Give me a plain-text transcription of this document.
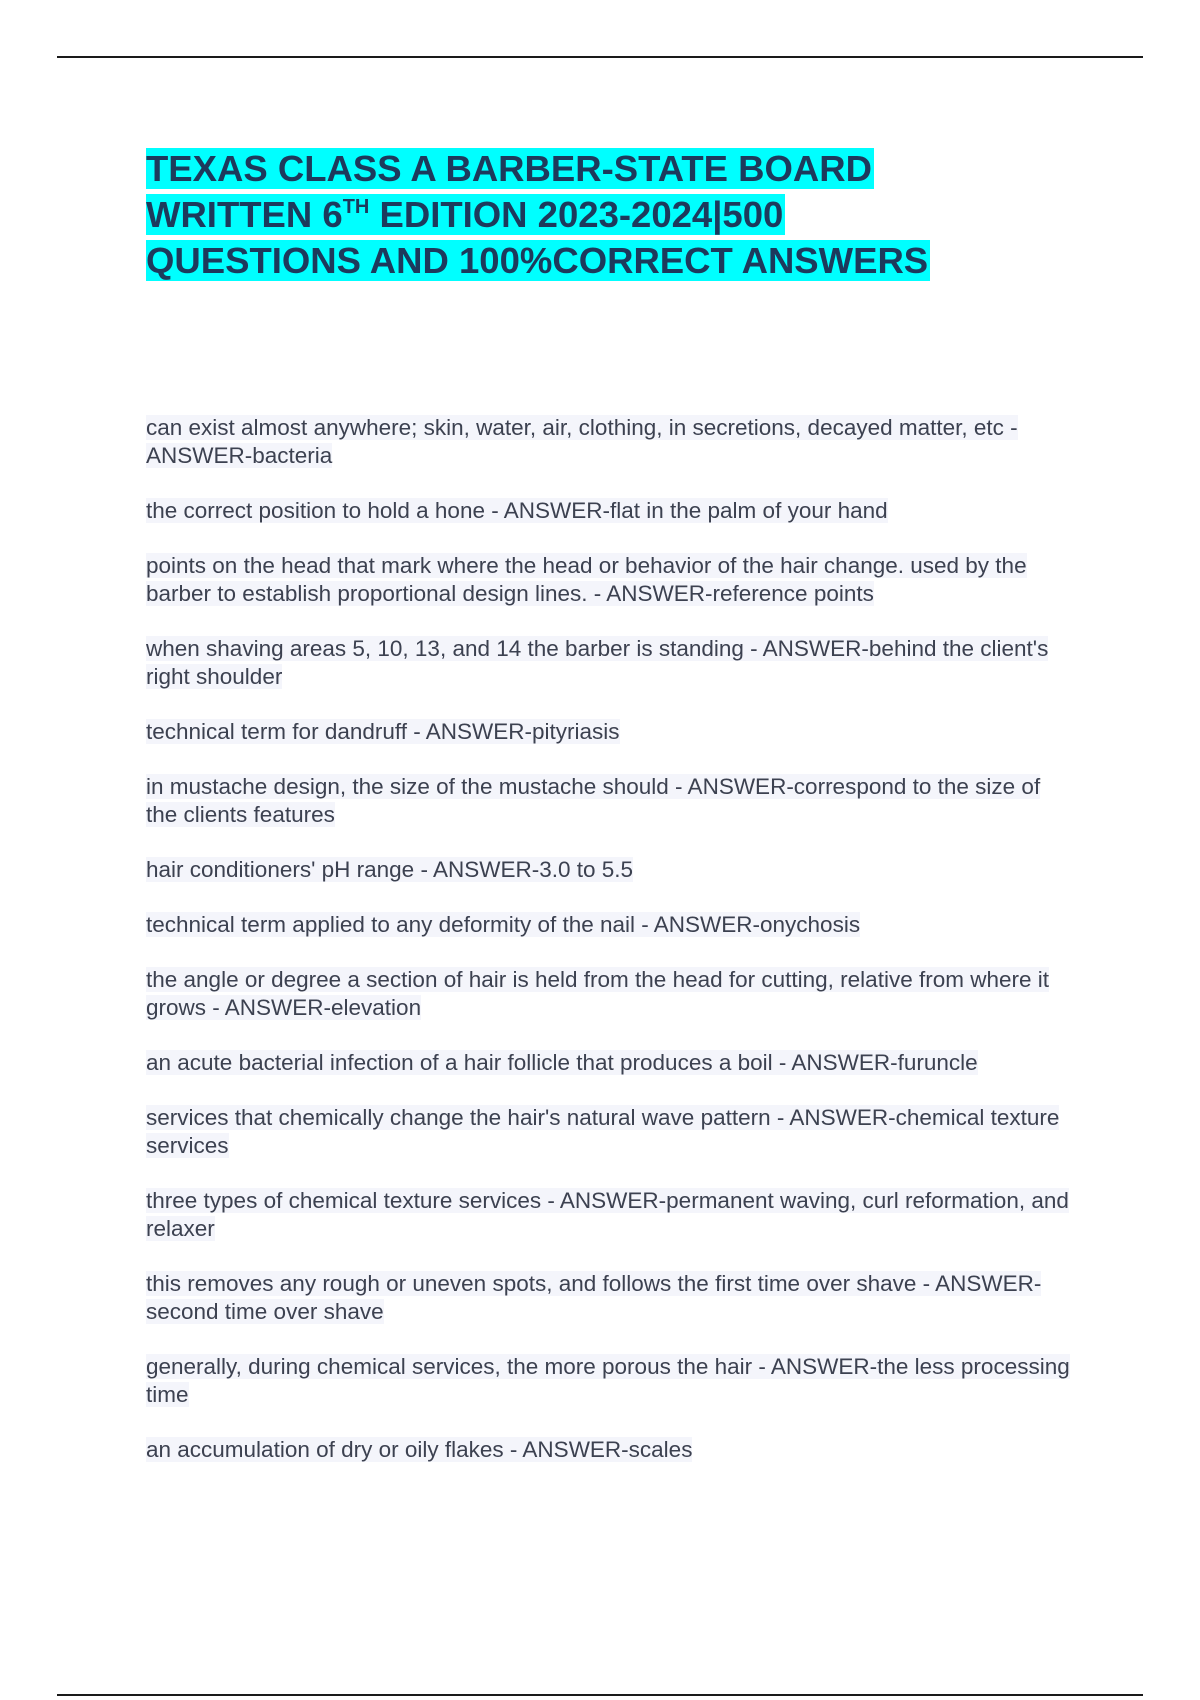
TEXAS CLASS A BARBER-STATE BOARD
WRITTEN 6TH EDITION 2023-2024|500
QUESTIONS AND 100%CORRECT ANSWERS
can exist almost anywhere; skin, water, air, clothing, in secretions, decayed matter, etc - ANSWER-bacteria
the correct position to hold a hone - ANSWER-flat in the palm of your hand
points on the head that mark where the head or behavior of the hair change. used by the barber to establish proportional design lines. - ANSWER-reference points
when shaving areas 5, 10, 13, and 14 the barber is standing - ANSWER-behind the client's right shoulder
technical term for dandruff - ANSWER-pityriasis
in mustache design, the size of the mustache should - ANSWER-correspond to the size of the clients features
hair conditioners' pH range - ANSWER-3.0 to 5.5
technical term applied to any deformity of the nail - ANSWER-onychosis
the angle or degree a section of hair is held from the head for cutting, relative from where it grows - ANSWER-elevation
an acute bacterial infection of a hair follicle that produces a boil - ANSWER-furuncle
services that chemically change the hair's natural wave pattern - ANSWER-chemical texture services
three types of chemical texture services - ANSWER-permanent waving, curl reformation, and relaxer
this removes any rough or uneven spots, and follows the first time over shave - ANSWER-second time over shave
generally, during chemical services, the more porous the hair - ANSWER-the less processing time
an accumulation of dry or oily flakes - ANSWER-scales
